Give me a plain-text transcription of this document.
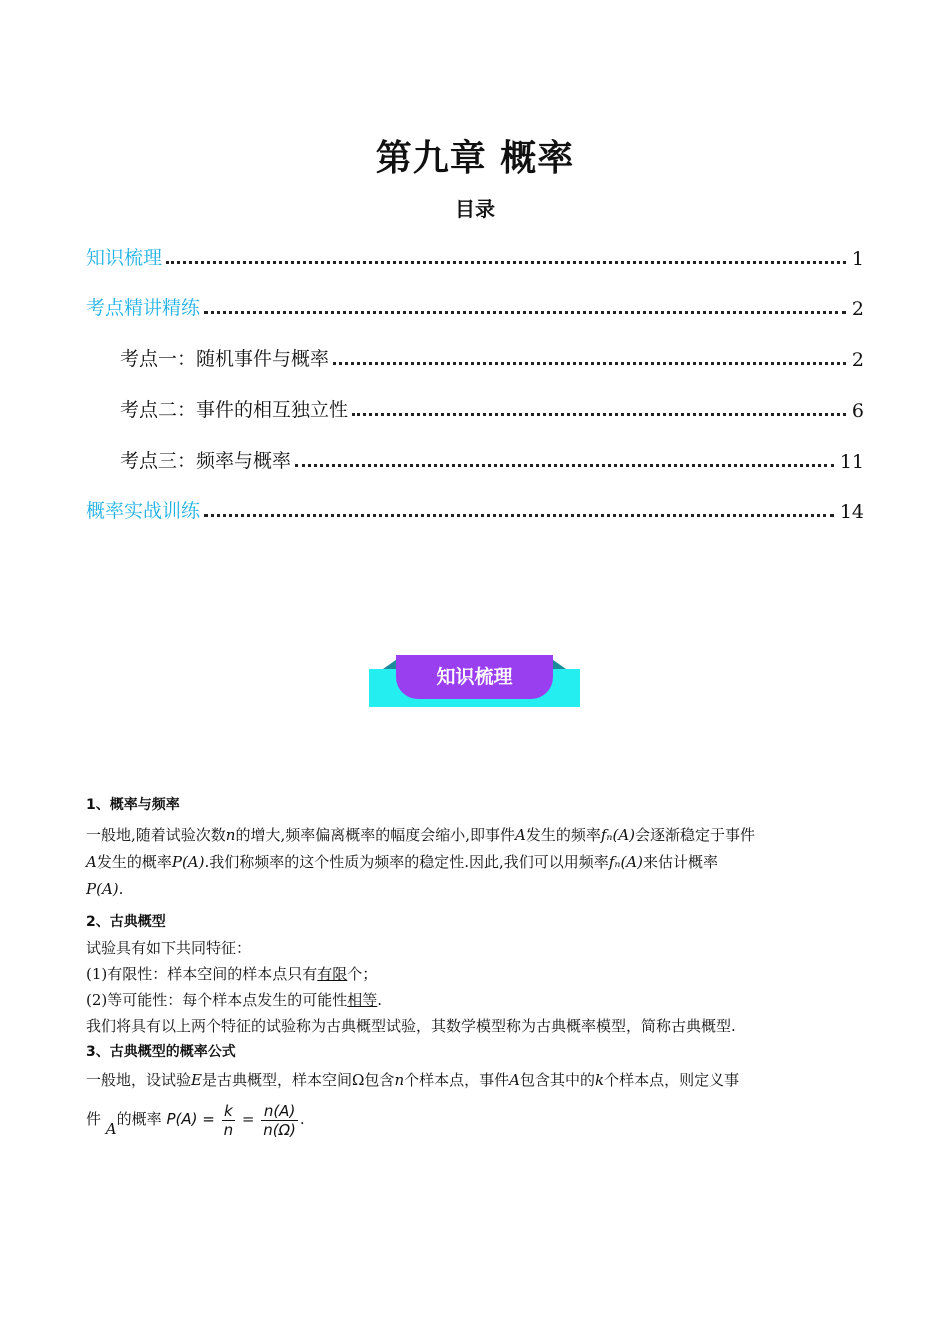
第九章 概率
目录
知识梳理	1
考点精讲精练	2
考点一：随机事件与概率	2
考点二：事件的相互独立性	6
考点三：频率与概率	11
概率实战训练	14
知识梳理
1、概率与频率

一般地,随着试验次数n的增大,频率偏离概率的幅度会缩小,即事件A发生的频率fₙ(A)会逐渐稳定于事件
A发生的概率P(A).我们称频率的这个性质为频率的稳定性.因此,我们可以用频率fₙ(A)来估计概率
P(A).

2、古典概型

试验具有如下共同特征：

(1)有限性：样本空间的样本点只有有限个；

(2)等可能性：每个样本点发生的可能性相等.

我们将具有以上两个特征的试验称为古典概型试验，其数学模型称为古典概率模型，简称古典概型.

3、古典概型的概率公式

一般地，设试验E是古典概型，样本空间Ω包含n个样本点，事件A包含其中的k个样本点，则定义事

件 A的概率 $P(A) = \frac{k}{n} = \frac{n(A)}{n(\Omega)}$ .
